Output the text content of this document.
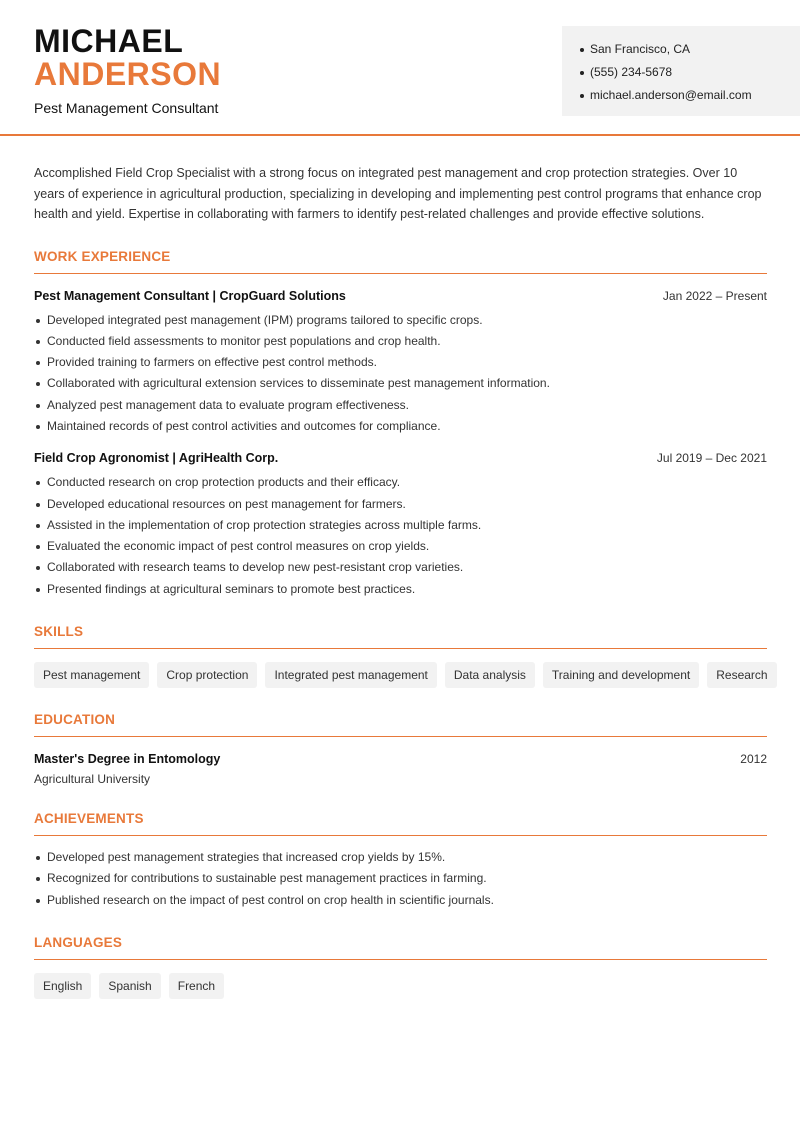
MICHAEL
ANDERSON
Pest Management Consultant
San Francisco, CA
(555) 234-5678
michael.anderson@email.com

Accomplished Field Crop Specialist with a strong focus on integrated pest management and crop protection strategies. Over 10 years of experience in agricultural production, specializing in developing and implementing pest control programs that enhance crop health and yield. Expertise in collaborating with farmers to identify pest-related challenges and provide effective solutions.

WORK EXPERIENCE
Pest Management Consultant | CropGuard Solutions	Jan 2022 – Present
Developed integrated pest management (IPM) programs tailored to specific crops.
Conducted field assessments to monitor pest populations and crop health.
Provided training to farmers on effective pest control methods.
Collaborated with agricultural extension services to disseminate pest management information.
Analyzed pest management data to evaluate program effectiveness.
Maintained records of pest control activities and outcomes for compliance.
Field Crop Agronomist | AgriHealth Corp.	Jul 2019 – Dec 2021
Conducted research on crop protection products and their efficacy.
Developed educational resources on pest management for farmers.
Assisted in the implementation of crop protection strategies across multiple farms.
Evaluated the economic impact of pest control measures on crop yields.
Collaborated with research teams to develop new pest-resistant crop varieties.
Presented findings at agricultural seminars to promote best practices.
SKILLS
Pest management	Crop protection	Integrated pest management	Data analysis	Training and development	Research
EDUCATION
Master's Degree in Entomology	2012
Agricultural University
ACHIEVEMENTS
Developed pest management strategies that increased crop yields by 15%.
Recognized for contributions to sustainable pest management practices in farming.
Published research on the impact of pest control on crop health in scientific journals.
LANGUAGES
English	Spanish	French
